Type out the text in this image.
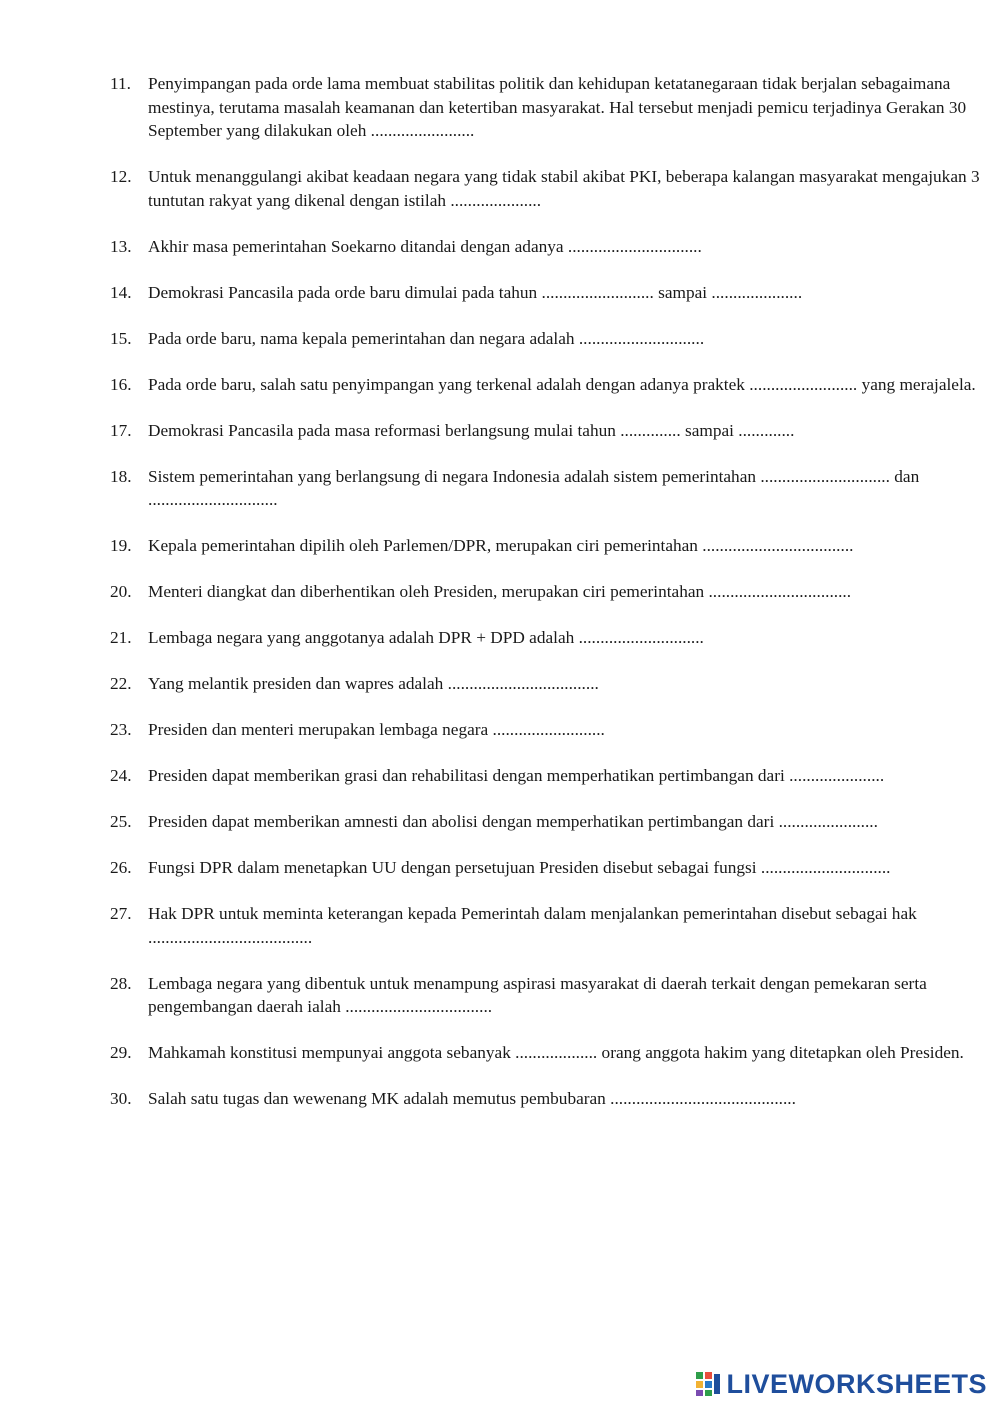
11. Penyimpangan pada orde lama membuat stabilitas politik dan kehidupan ketatanegaraan tidak berjalan sebagaimana mestinya, terutama masalah keamanan dan ketertiban masyarakat. Hal tersebut menjadi pemicu terjadinya Gerakan 30 September yang dilakukan oleh ........................
12. Untuk menanggulangi akibat keadaan negara yang tidak stabil akibat PKI, beberapa kalangan masyarakat mengajukan 3 tuntutan rakyat yang dikenal dengan istilah .....................
13. Akhir masa pemerintahan Soekarno ditandai dengan adanya ...............................
14. Demokrasi Pancasila pada orde baru dimulai pada tahun .......................... sampai .....................
15. Pada orde baru, nama kepala pemerintahan dan negara adalah .............................
16. Pada orde baru, salah satu penyimpangan yang terkenal adalah dengan adanya praktek ......................... yang merajalela.
17. Demokrasi Pancasila pada masa reformasi berlangsung mulai tahun .............. sampai .............
18. Sistem pemerintahan yang berlangsung di negara Indonesia adalah sistem pemerintahan .............................. dan ..............................
19. Kepala pemerintahan dipilih oleh Parlemen/DPR, merupakan ciri pemerintahan ...................................
20. Menteri diangkat dan diberhentikan oleh Presiden, merupakan ciri pemerintahan .................................
21. Lembaga negara yang anggotanya adalah DPR + DPD adalah .............................
22. Yang melantik presiden dan wapres adalah ...................................
23. Presiden dan menteri merupakan lembaga negara ..........................
24. Presiden dapat memberikan grasi dan rehabilitasi dengan memperhatikan pertimbangan dari ......................
25. Presiden dapat memberikan amnesti dan abolisi dengan memperhatikan pertimbangan dari .......................
26. Fungsi DPR dalam menetapkan UU dengan persetujuan Presiden disebut sebagai fungsi ..............................
27. Hak DPR untuk meminta keterangan kepada Pemerintah dalam menjalankan pemerintahan disebut sebagai hak ......................................
28. Lembaga negara yang dibentuk untuk menampung aspirasi masyarakat di daerah terkait dengan pemekaran serta pengembangan daerah ialah ..................................
29. Mahkamah konstitusi mempunyai anggota sebanyak ................... orang anggota hakim yang ditetapkan oleh Presiden.
30. Salah satu tugas dan wewenang MK adalah memutus pembubaran ...........................................
LIVEWORKSHEETS
